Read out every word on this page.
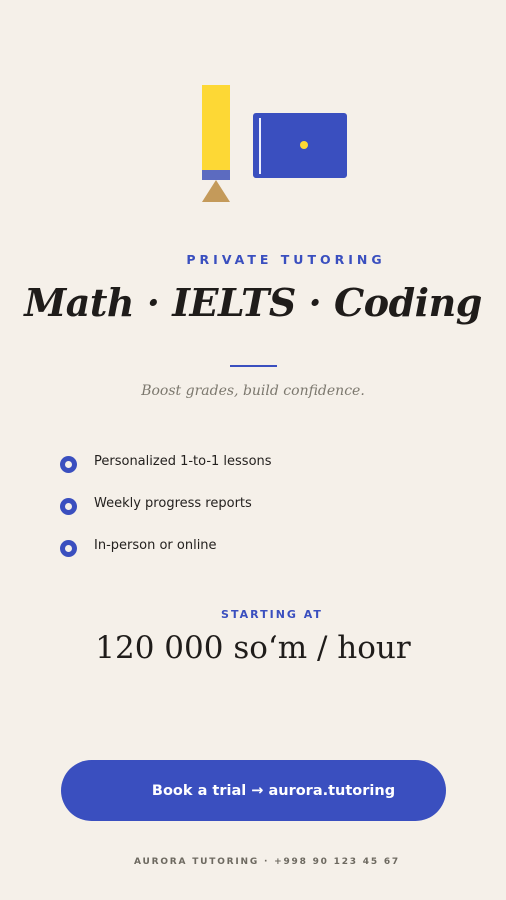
PRIVATE TUTORING
Math · IELTS · Coding

Boost grades, build confidence.

Personalized 1-to-1 lessons
Weekly progress reports
In-person or online
STARTING AT
120 000 soʻm / hour
Book a trial → aurora.tutoring
AURORA TUTORING · +998 90 123 45 67
